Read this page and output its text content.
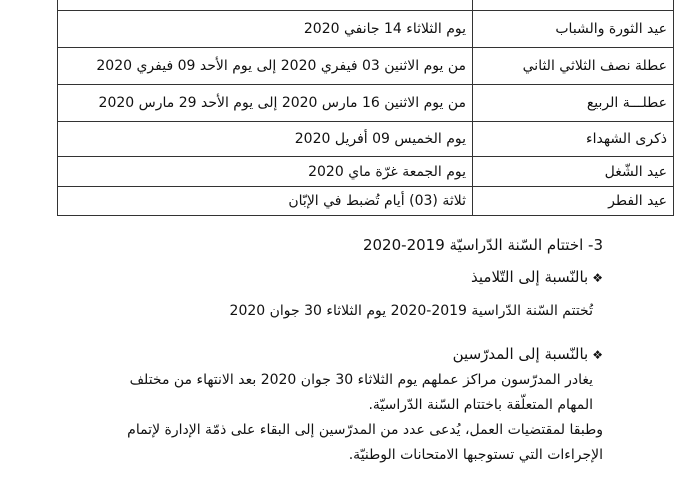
عيد الثورة والشباب	يوم الثلاثاء 14 جانفي 2020
عطلة نصف الثلاثي الثاني	من يوم الاثنين 03 فيفري 2020 إلى يوم الأحد 09 فيفري 2020
عطلـــة الربيع	من يوم الاثنين 16 مارس 2020 إلى يوم الأحد 29 مارس 2020
ذكرى الشهداء	يوم الخميس 09 أفريل 2020
عيد الشّغل	يوم الجمعة غرّة ماي 2020
عيد الفطر	ثلاثة (03) أيام تُضبط في الإبّان
3- اختتام السّنة الدّراسيّة 2019-2020
❖بالنّسبة إلى التّلاميذ
تُختتم السّنة الدّراسية 2019-2020 يوم الثلاثاء 30 جوان 2020
❖بالنّسبة إلى المدرّسين
يغادر المدرّسون مراكز عملهم يوم الثلاثاء 30 جوان 2020 بعد الانتهاء من مختلف
المهام المتعلّقة باختتام السّنة الدّراسيّة.
وطبقا لمقتضيات العمل، يُدعى عدد من المدرّسين إلى البقاء على ذمّة الإدارة لإتمام
الإجراءات التي تستوجبها الامتحانات الوطنيّة.
